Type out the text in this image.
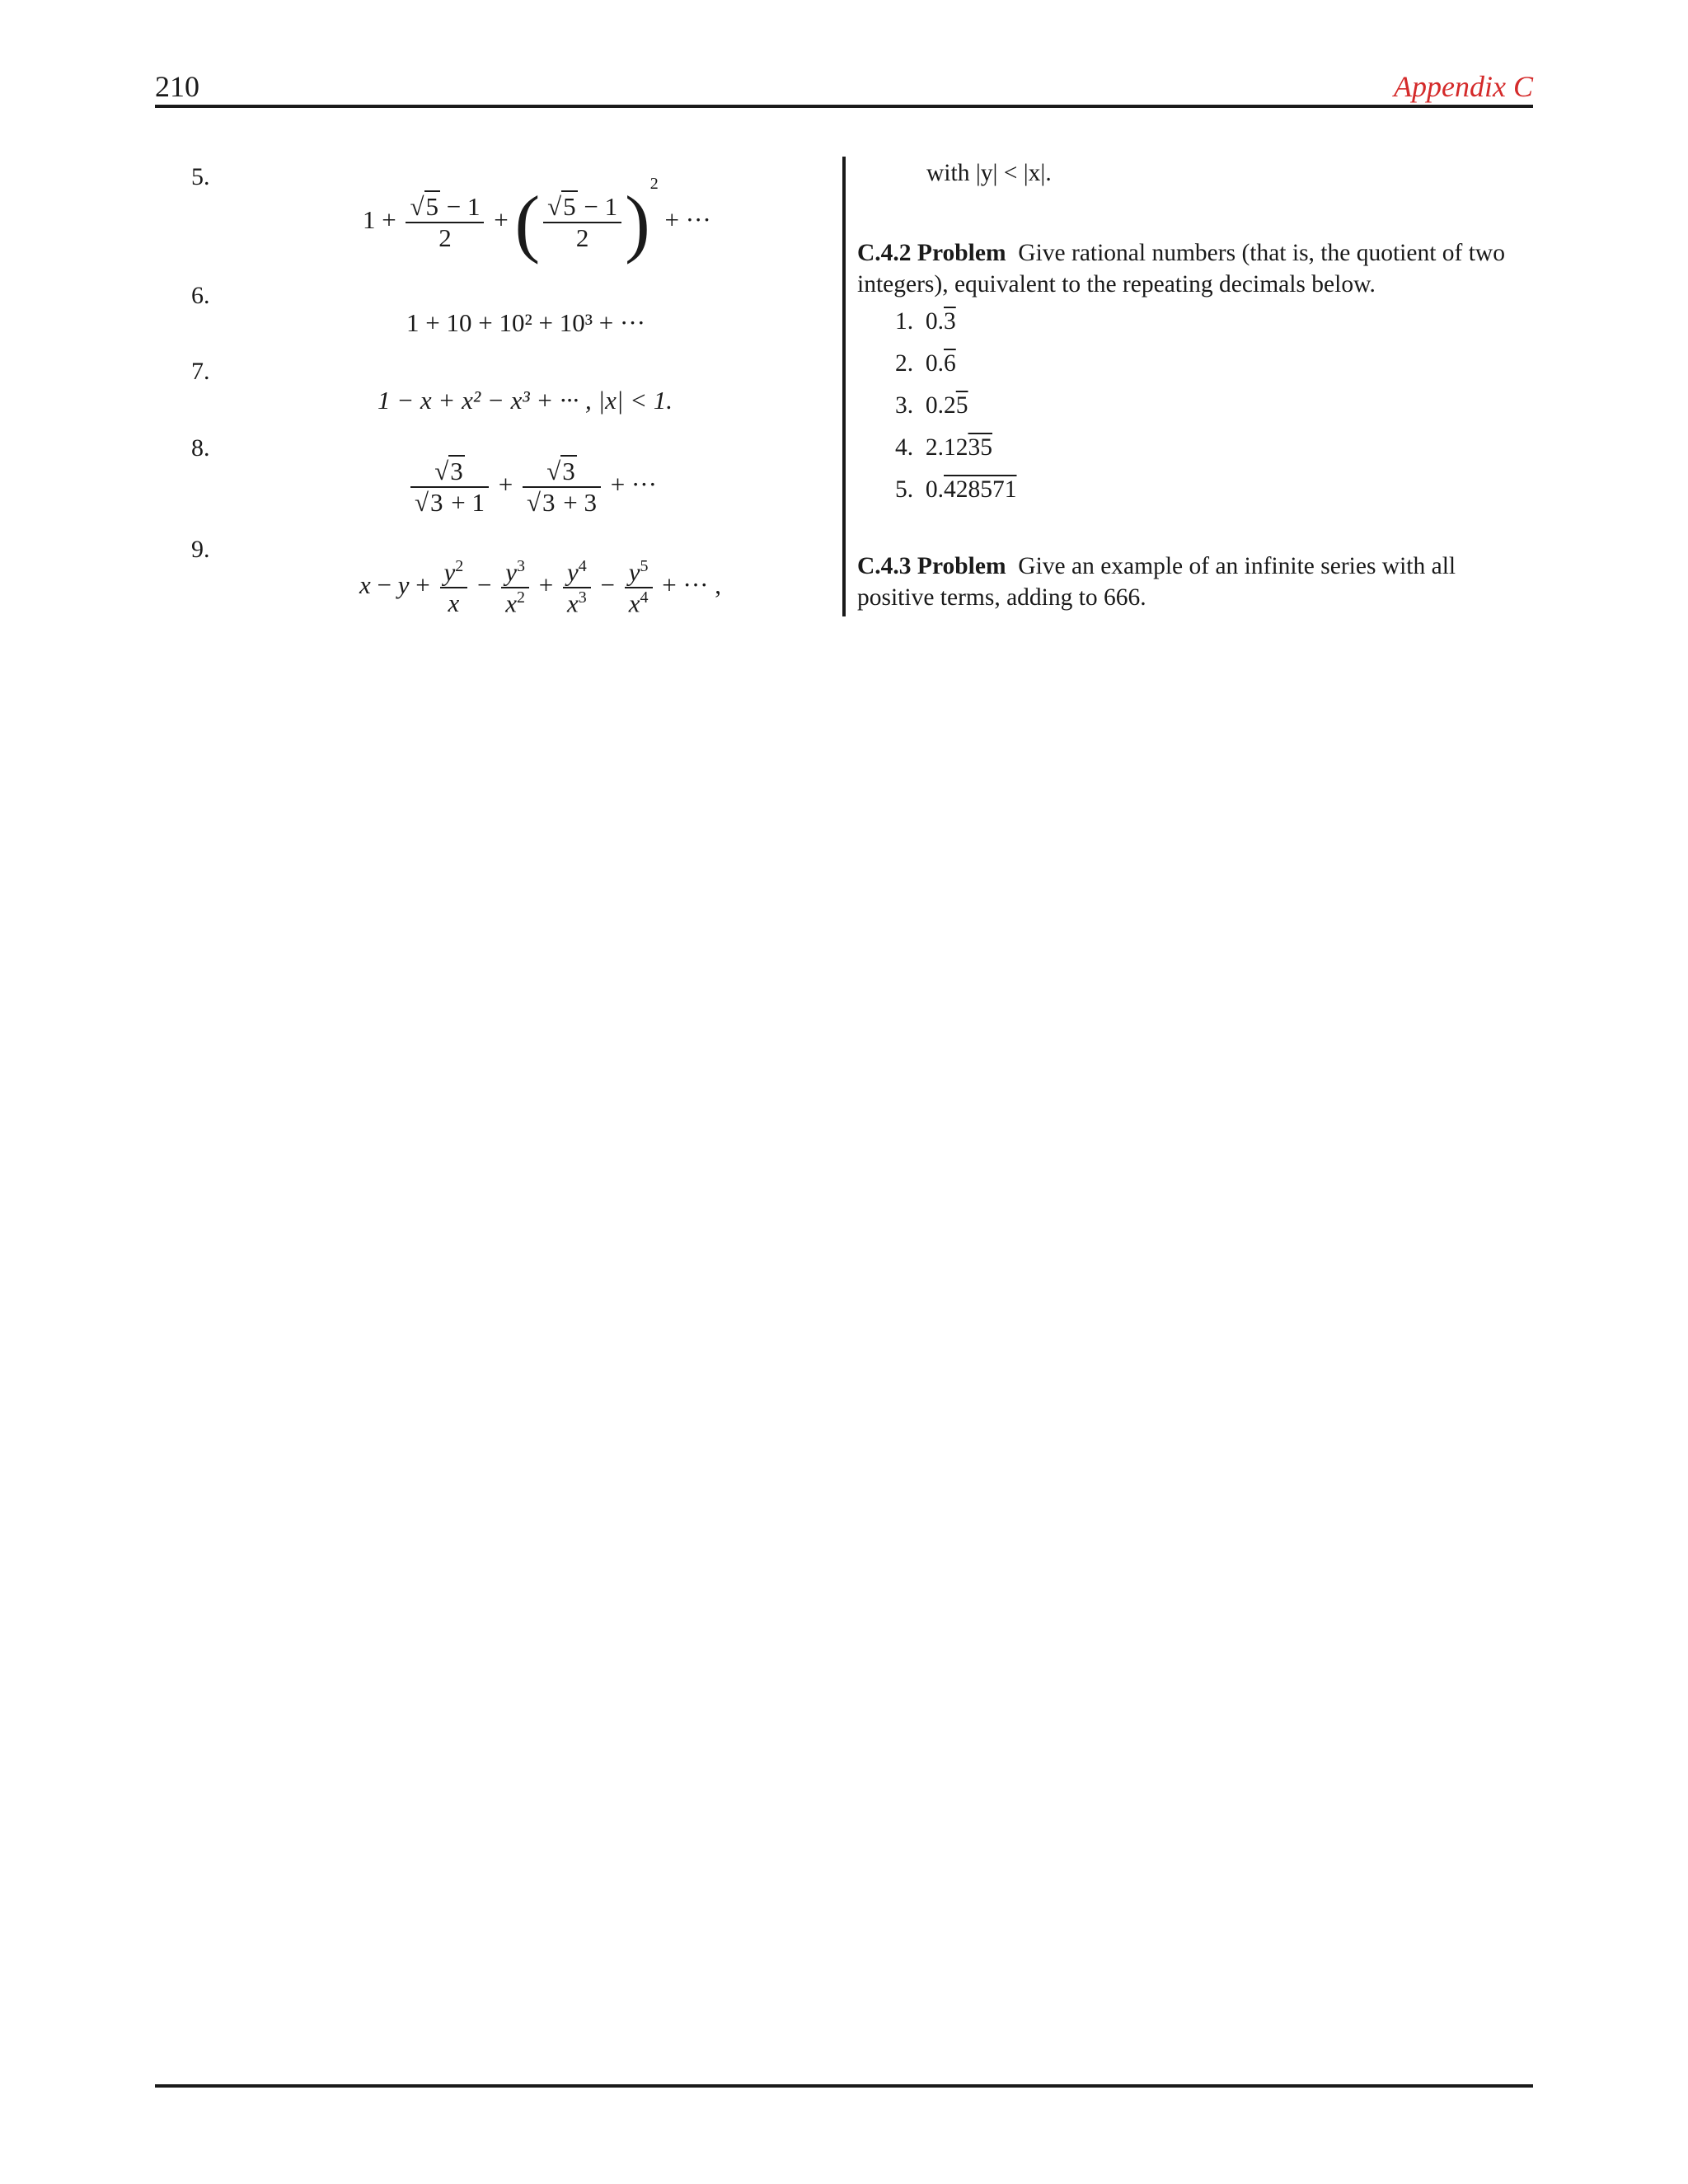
210	Appendix C
5.
$1 + \frac{√5 - 1}{2}$ + ( $\frac{√5 - 1}{2} )^2$ + ···
6.
1 + 10 + 10² + 10³ + ···
7.
1 − x + x² − x³ + ··· , |x| < 1.
8.
$\frac{√3}{√3 + 1} + \frac{√3}{√3 + 3}$ + ···
9.
$x - y + \frac{y^2}{x} - \frac{y^3}{x^2} + \frac{y^4}{x^3} - \frac{y^5}{x^4}$ + ··· ,
with |y| < |x|.
C.4.2 Problem Give rational numbers (that is, the quotient of two integers), equivalent to the repeating decimals below.
1. 0.3
2. 0.6
3. 0.25
4. 2.1235
5. 0.428571
C.4.3 Problem Give an example of an infinite series with all positive terms, adding to 666.
